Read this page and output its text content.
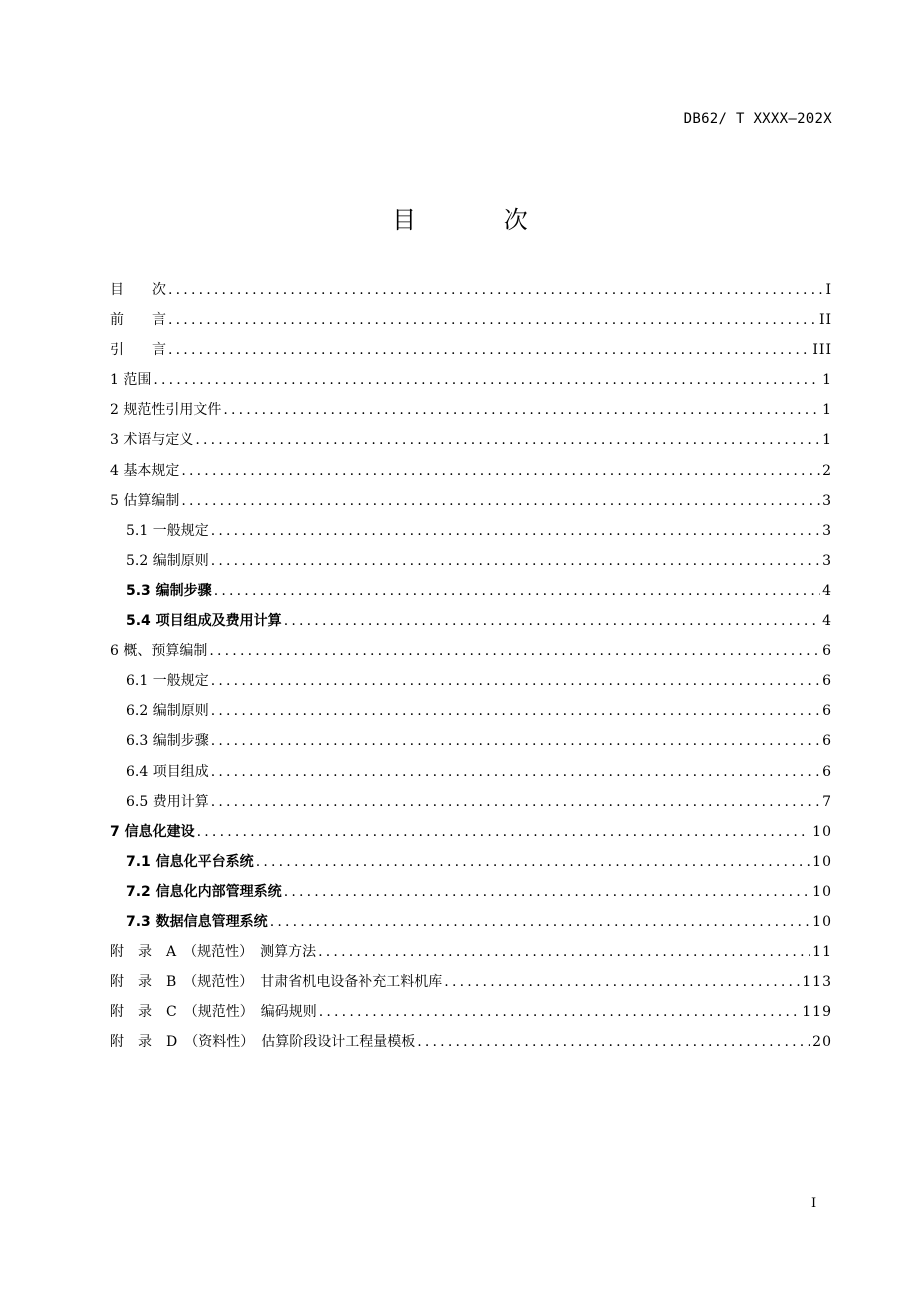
DB62/ T XXXX—202X
目 次
目　　次 .....	I
前　　言 .....	II
引　　言 .....	III
1 范围 .....	1
2 规范性引用文件 .....	1
3 术语与定义 .....	1
4 基本规定 .....	2
5 估算编制 .....	3
5.1 一般规定 .....	3
5.2 编制原则 .....	3
5.3 编制步骤 .....	4
5.4 项目组成及费用计算 .....	4
6 概、预算编制 .....	6
6.1 一般规定 .....	6
6.2 编制原则 .....	6
6.3 编制步骤 .....	6
6.4 项目组成 .....	6
6.5 费用计算 .....	7
7 信息化建设 .....	10
7.1 信息化平台系统 .....	10
7.2 信息化内部管理系统 .....	10
7.3 数据信息管理系统 .....	10
附　录　A　（规范性）　测算方法 .....	11
附　录　B　（规范性）　甘肃省机电设备补充工料机库 .....	113
附　录　C　（规范性）　编码规则 .....	119
附　录　D　（资料性）　估算阶段设计工程量模板 .....	20
I
